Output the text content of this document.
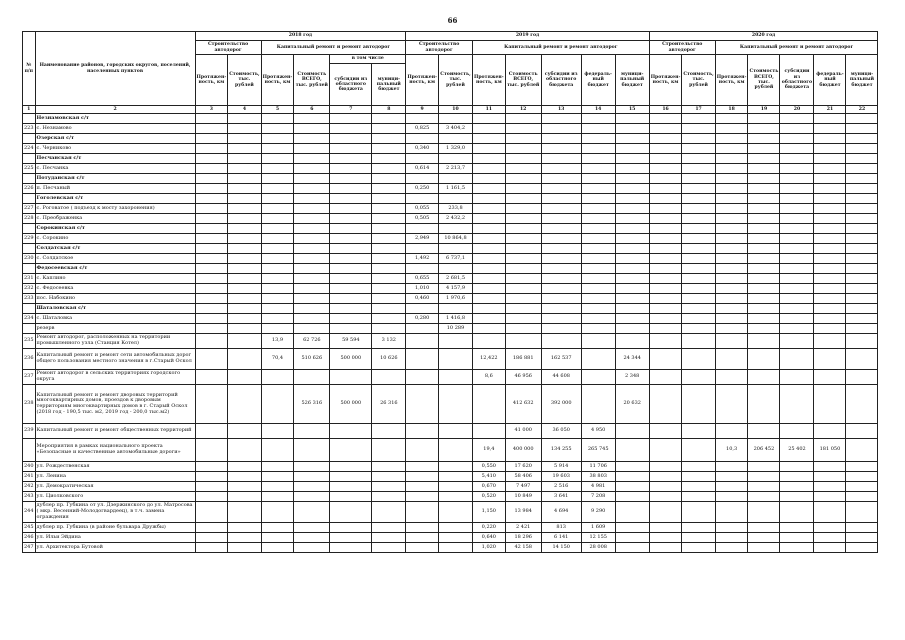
66
№ п/п	Наименование районов, городских округов, поселений, населенных пунктов	2018 год						2019 год							2020 год						
		Строительство автодорог		Капитальный ремонт и ремонт автодорог				Строительство автодорог		Капитальный ремонт и ремонт автодорог					Строительство автодорог		Капитальный ремонт и ремонт автодорог				
		Протяжен-ность, км	Стоимость, тыс. рублей	Протяжен-ность, км	Стоимость ВСЕГО, тыс. рублей	в том числе		Протяжен-ность, км	Стоимость, тыс. рублей	Протяжен-ность, км	Стоимость ВСЕГО, тыс. рублей	субсидии из областного бюджета	федераль-ный бюджет	муници-пальный бюджет	Протяжен-ность, км	Стоимость, тыс. рублей	Протяжен-ность, км	Стоимость ВСЕГО, тыс. рублей	субсидии из областного бюджета	федераль-ный бюджет	муници-пальный бюджет
						субсидии из областного бюджета	муници-пальный бюджет														
1	2	3	4	5	6	7	8	9	10	11	12	13	14	15	16	17	18	19	20	21	22
	Незнамовская с/т																				
223	с. Незнамово							0,825	3 404,2												
	Озерская с/т																				
224	с. Черниково							0,340	1 329,0												
	Песчанская с/т																				
225	с. Песчанка							0,614	2 213,7												
	Потуданская с/т																				
226	п. Песчаный							0,250	1 161,5												
	Гоголевская с/т																				
227	с. Роговатое ( подъезд к мосту захоронения)							0,055	233,8												
228	с. Преображенка							0,505	2 432,2												
	Сорокинская с/т																				
229	с. Сорокино							2,949	10 864,8												
	Солдатская с/т																				
230	с. Солдатское							1,492	6 737,1												
	Федосеевская с/т																				
231	с. Каплино							0,655	2 681,5												
232	с. Федосеевка							1,010	4 157,9												
233	пос. Набокино							0,460	1 970,6												
	Шаталовская с/т																				
234	с. Шаталовка							0,280	1 416,8												
	резерв								10 289												
235	Ремонт автодорог, расположенных на территории промышленного узла (Станция Котел)			13,9	62 726	59 594	3 132														
236	Капитальный ремонт и ремонт сети автомобильных дорог общего пользования местного значения в г.Старый Оскол			70,4	510 626	500 000	10 626			12,422	186 881	162 537		24 344							
237	Ремонт автодорог в сельских территориях городского округа									8,6	46 956	44 608		2 348							
238	Капитальный ремонт и ремонт дворовых территорий многоквартирных домов, проездов к дворовым территориям многоквартирных домов в г. Старый Оскол (2018 год - 190,5 тыс. м2, 2019 год - 200,0 тыс.м2)				526 316	500 000	26 316				412 632	392 000		20 632							
239	Капитальный ремонт и ремонт общественных территорий										41 000	36 050	4 950								
	Мероприятия в рамках национального проекта «Безопасные и качественные автомобильные дороги»									19,4	400 000	134 255	265 745				10,3	206 452	25 402	181 050	
240	ул. Рождественская									0,550	17 620	5 914	11 706								
241	ул. Ленина									5,410	58 406	19 603	38 803								
242	ул. Демократическая									0,670	7 497	2 516	4 981								
243	ул. Циолковского									0,520	10 849	3 641	7 208								
244	дублер пр. Губкина от ул. Дзержинского до ул. Матросова ( мкр. Весенний-Молодогвардеец), в т.ч. замена ограждения									1,150	13 984	4 694	9 290								
245	дублер пр. Губкина (в районе бульвара Дружбы)									0,220	2 421	813	1 609								
246	ул. Ильи Эйдина									0,640	18 296	6 141	12 155								
247	ул. Архитектора Бутовой									1,020	42 158	14 150	28 008								
